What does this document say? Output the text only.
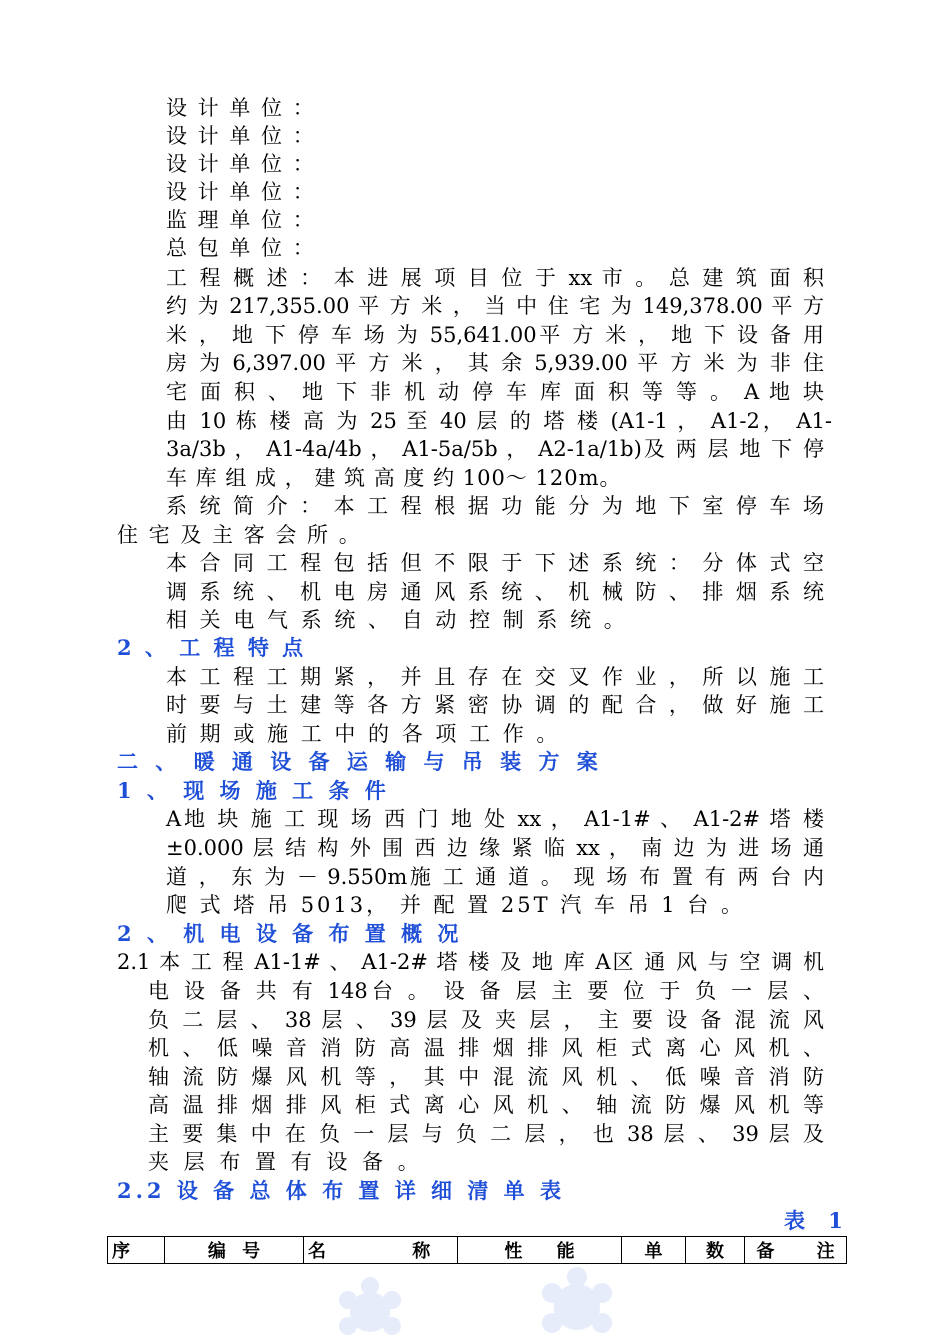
设 计 单 位 ：
设 计 单 位 ：
设 计 单 位 ：
设 计 单 位 ：
监 理 单 位 ：
总 包 单 位 ：
工 程 概 述 ： 本 进 展 项 目 位 于 xx 市 。 总 建 筑 面 积
约 为 217,355.00 平 方 米 ， 当 中 住 宅 为 149,378.00 平 方
米 ， 地 下 停 车 场 为 55,641.00平 方 米 ， 地 下 设 备 用
房 为 6,397.00 平 方 米 ， 其 余 5,939.00 平 方 米 为 非 住
宅 面 积 、 地 下 非 机 动 停 车 库 面 积 等 等 。 A 地 块
由 10 栋 楼 高 为 25 至 40 层 的 塔 楼 (A1-1 ， A1-2， A1-
3a/3b ， A1-4a/4b ， A1-5a/5b ， A2-1a/1b)及 两 层 地 下 停
车 库 组 成 ， 建 筑 高 度 约 100～ 120m。
系 统 简 介 ： 本 工 程 根 据 功 能 分 为 地 下 室 停 车 场
住 宅 及 主 客 会 所 。
本 合 同 工 程 包 括 但 不 限 于 下 述 系 统 ： 分 体 式 空
调 系 统 、 机 电 房 通 风 系 统 、 机 械 防 、 排 烟 系 统
相 关 电 气 系 统 、 自 动 控 制 系 统 。
2 、 工 程 特 点
本 工 程 工 期 紧 ， 并 且 存 在 交 叉 作 业 ， 所 以 施 工
时 要 与 土 建 等 各 方 紧 密 协 调 的 配 合 ， 做 好 施 工
前 期 或 施 工 中 的 各 项 工 作 。
二 、 暖 通 设 备 运 输 与 吊 装 方 案
1 、 现 场 施 工 条 件
A地 块 施 工 现 场 西 门 地 处 xx ， A1-1# 、 A1-2# 塔 楼
±0.000 层 结 构 外 围 西 边 缘 紧 临 xx ， 南 边 为 进 场 通
道 ， 东 为 － 9.550m施 工 通 道 。 现 场 布 置 有 两 台 内
爬 式 塔 吊 5013， 并 配 置 25T 汽 车 吊 1 台 。
2 、 机 电 设 备 布 置 概 况
2.1 本 工 程 A1-1# 、 A1-2# 塔 楼 及 地 库 A区 通 风 与 空 调 机
电 设 备 共 有 148台 。 设 备 层 主 要 位 于 负 一 层 、
负 二 层 、 38 层 、 39 层 及 夹 层 ， 主 要 设 备 混 流 风
机 、 低 噪 音 消 防 高 温 排 烟 排 风 柜 式 离 心 风 机 、
轴 流 防 爆 风 机 等 ， 其 中 混 流 风 机 、 低 噪 音 消 防
高 温 排 烟 排 风 柜 式 离 心 风 机 、 轴 流 防 爆 风 机 等
主 要 集 中 在 负 一 层 与 负 二 层 ， 也 38 层 、 39 层 及
夹 层 布 置 有 设 备 。
2.2 设 备 总 体 布 置 详 细 清 单 表
表 1
序	编 号	名 称	性 能	单	数	备 注
